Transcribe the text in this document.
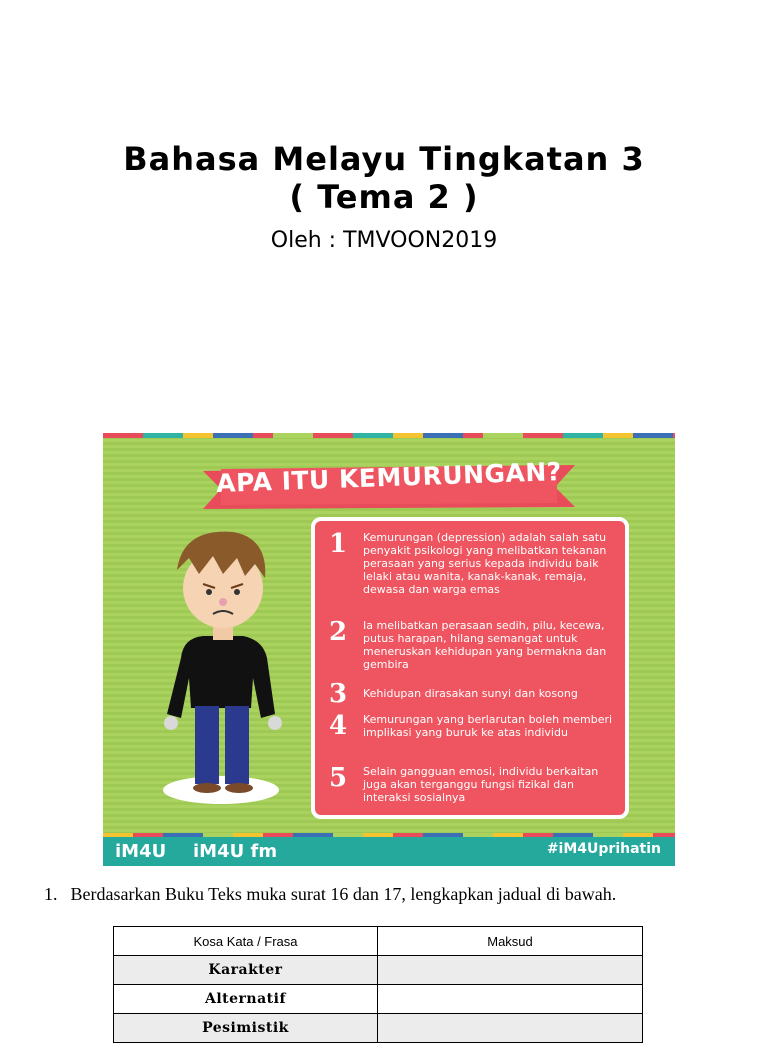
Bahasa Melayu Tingkatan 3
( Tema 2 )
Oleh : TMVOON2019
APA ITU KEMURUNGAN?
1	Kemurungan (depression) adalah salah satu penyakit psikologi yang melibatkan tekanan perasaan yang serius kepada individu baik lelaki atau wanita, kanak-kanak, remaja, dewasa dan warga emas
2	Ia melibatkan perasaan sedih, pilu, kecewa, putus harapan, hilang semangat untuk meneruskan kehidupan yang bermakna dan gembira
3	Kehidupan dirasakan sunyi dan kosong
4	Kemurungan yang berlarutan boleh memberi implikasi yang buruk ke atas individu
5	Selain gangguan emosi, individu berkaitan juga akan terganggu fungsi fizikal dan interaksi sosialnya
iM4U iM4U fm	#iM4Uprihatin
1. Berdasarkan Buku Teks muka surat 16 dan 17, lengkapkan jadual di bawah.
Kosa Kata / Frasa	Maksud
Karakter	
Alternatif	
Pesimistik	
